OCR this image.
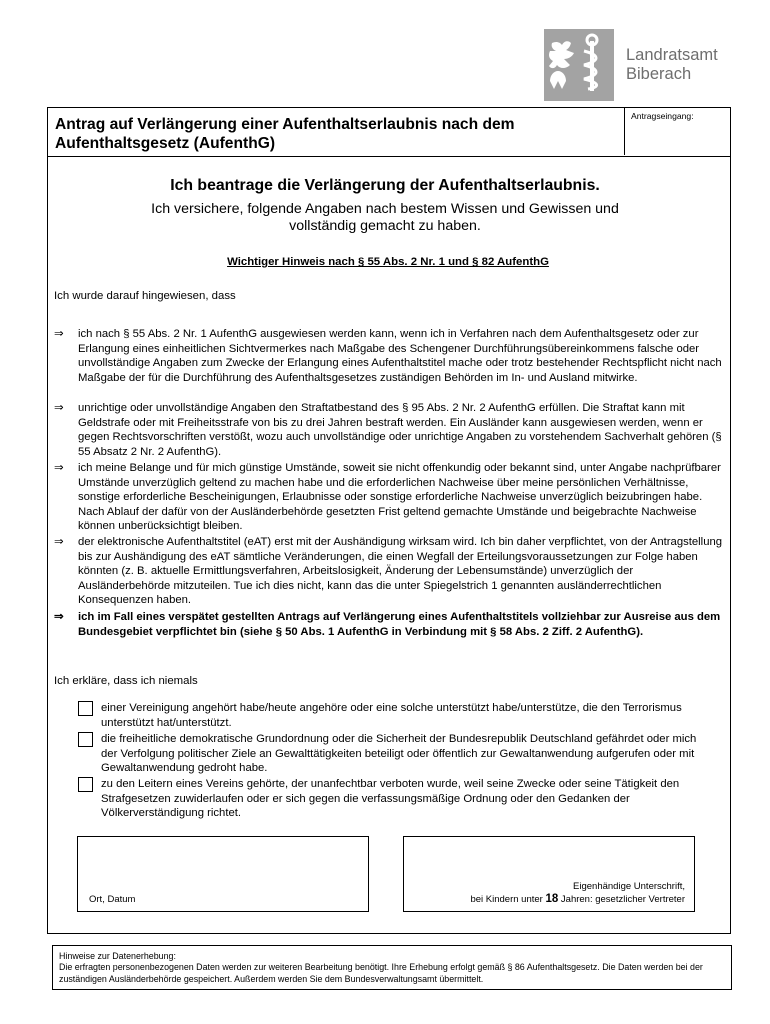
Landratsamt
Biberach
Antrag auf Verlängerung einer Aufenthaltserlaubnis nach dem Aufenthaltsgesetz (AufenthG)
Antragseingang:
Ich beantrage die Verlängerung der Aufenthaltserlaubnis.
Ich versichere, folgende Angaben nach bestem Wissen und Gewissen und vollständig gemacht zu haben.
Wichtiger Hinweis nach § 55 Abs. 2 Nr. 1 und § 82 AufenthG
Ich wurde darauf hingewiesen, dass
⇒	ich nach § 55 Abs. 2 Nr. 1 AufenthG ausgewiesen werden kann, wenn ich in Verfahren nach dem Aufenthaltsgesetz oder zur Erlangung eines einheitlichen Sichtvermerkes nach Maßgabe des Schengener Durchführungsübereinkommens falsche oder unvollständige Angaben zum Zwecke der Erlangung eines Aufenthaltstitel mache oder trotz bestehender Rechtspflicht nicht nach Maßgabe der für die Durchführung des Aufenthaltsgesetzes zuständigen Behörden im In- und Ausland mitwirke.
⇒	unrichtige oder unvollständige Angaben den Straftatbestand des § 95 Abs. 2 Nr. 2 AufenthG erfüllen. Die Straftat kann mit Geldstrafe oder mit Freiheitsstrafe von bis zu drei Jahren bestraft werden. Ein Ausländer kann ausgewiesen werden, wenn er gegen Rechtsvorschriften verstößt, wozu auch unvollständige oder unrichtige Angaben zu vorstehendem Sachverhalt gehören (§ 55 Absatz 2 Nr. 2 AufenthG).
⇒	ich meine Belange und für mich günstige Umstände, soweit sie nicht offenkundig oder bekannt sind, unter Angabe nachprüfbarer Umstände unverzüglich geltend zu machen habe und die erforderlichen Nachweise über meine persönlichen Verhältnisse, sonstige erforderliche Bescheinigungen, Erlaubnisse oder sonstige erforderliche Nachweise unverzüglich beizubringen habe. Nach Ablauf der dafür von der Ausländerbehörde gesetzten Frist geltend gemachte Umstände und beigebrachte Nachweise können unberücksichtigt bleiben.
⇒	der elektronische Aufenthaltstitel (eAT) erst mit der Aushändigung wirksam wird. Ich bin daher verpflichtet, von der Antragstellung bis zur Aushändigung des eAT sämtliche Veränderungen, die einen Wegfall der Erteilungsvoraussetzungen zur Folge haben könnten (z. B. aktuelle Ermittlungsverfahren, Arbeitslosigkeit, Änderung der Lebensumstände) unverzüglich der Ausländerbehörde mitzuteilen. Tue ich dies nicht, kann das die unter Spiegelstrich 1 genannten ausländerrechtlichen Konsequenzen haben.
⇒	ich im Fall eines verspätet gestellten Antrags auf Verlängerung eines Aufenthaltstitels vollziehbar zur Ausreise aus dem Bundesgebiet verpflichtet bin (siehe § 50 Abs. 1 AufenthG in Verbindung mit § 58 Abs. 2 Ziff. 2 AufenthG).
Ich erkläre, dass ich niemals
einer Vereinigung angehört habe/heute angehöre oder eine solche unterstützt habe/unterstütze, die den Terrorismus unterstützt hat/unterstützt.
die freiheitliche demokratische Grundordnung oder die Sicherheit der Bundesrepublik Deutschland gefährdet oder mich der Verfolgung politischer Ziele an Gewalttätigkeiten beteiligt oder öffentlich zur Gewaltanwendung aufgerufen oder mit Gewaltanwendung gedroht habe.
zu den Leitern eines Vereins gehörte, der unanfechtbar verboten wurde, weil seine Zwecke oder seine Tätigkeit den Strafgesetzen zuwiderlaufen oder er sich gegen die verfassungsmäßige Ordnung oder den Gedanken der Völkerverständigung richtet.
Ort, Datum
Eigenhändige Unterschrift,
bei Kindern unter 18 Jahren: gesetzlicher Vertreter
Hinweise zur Datenerhebung:
Die erfragten personenbezogenen Daten werden zur weiteren Bearbeitung benötigt. Ihre Erhebung erfolgt gemäß § 86 Aufenthaltsgesetz. Die Daten werden bei der zuständigen Ausländerbehörde gespeichert. Außerdem werden Sie dem Bundesverwaltungsamt übermittelt.
